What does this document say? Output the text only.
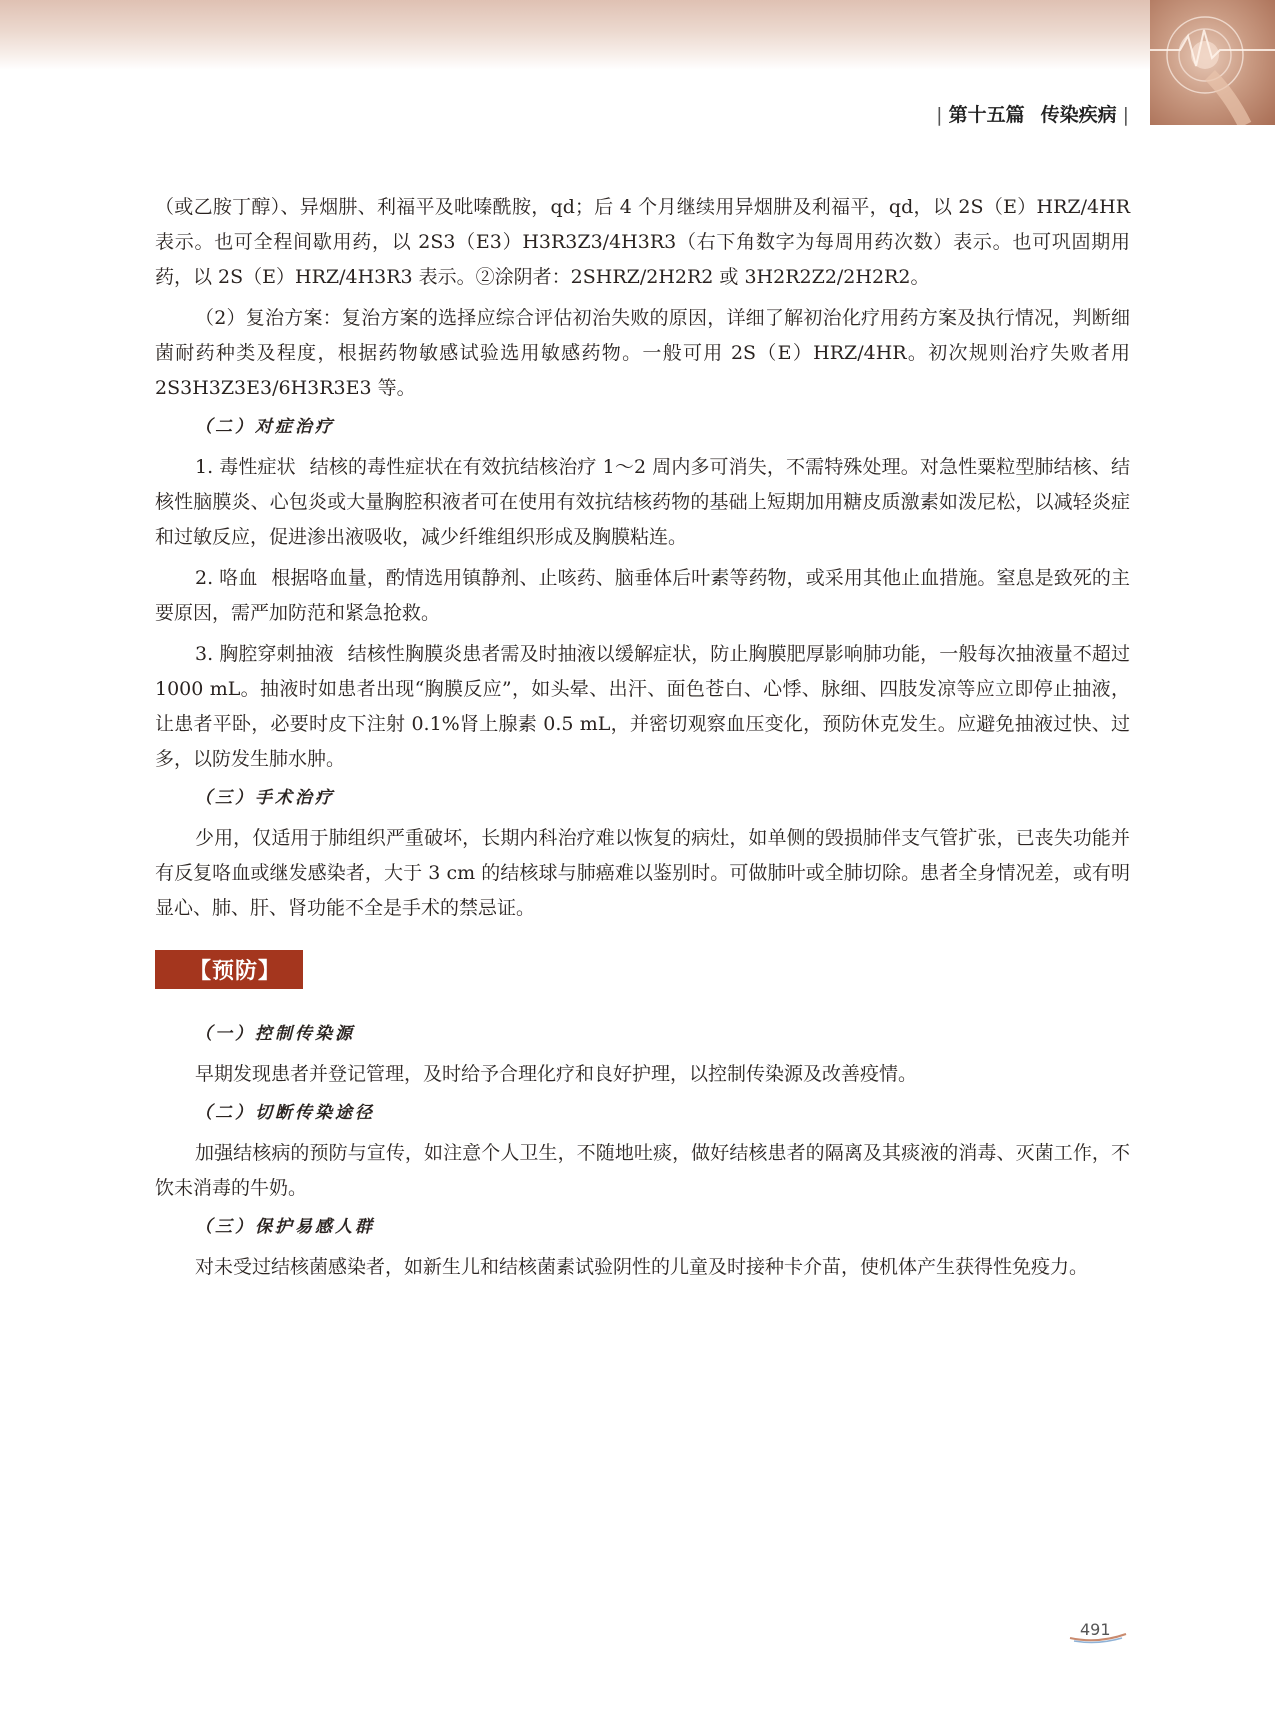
| 第十五篇 传染疾病 |

（或乙胺丁醇）、异烟肼、利福平及吡嗪酰胺，qd；后 4 个月继续用异烟肼及利福平，qd，以 2S（E）HRZ/4HR 表示。也可全程间歇用药，以 2S3（E3）H3R3Z3/4H3R3（右下角数字为每周用药次数）表示。也可巩固期用药，以 2S（E）HRZ/4H3R3 表示。②涂阴者：2SHRZ/2H2R2 或 3H2R2Z2/2H2R2。

（2）复治方案：复治方案的选择应综合评估初治失败的原因，详细了解初治化疗用药方案及执行情况，判断细菌耐药种类及程度，根据药物敏感试验选用敏感药物。一般可用 2S（E）HRZ/4HR。初次规则治疗失败者用 2S3H3Z3E3/6H3R3E3 等。

（二）对症治疗

1. 毒性症状 结核的毒性症状在有效抗结核治疗 1～2 周内多可消失，不需特殊处理。对急性粟粒型肺结核、结核性脑膜炎、心包炎或大量胸腔积液者可在使用有效抗结核药物的基础上短期加用糖皮质激素如泼尼松，以减轻炎症和过敏反应，促进渗出液吸收，减少纤维组织形成及胸膜粘连。

2. 咯血 根据咯血量，酌情选用镇静剂、止咳药、脑垂体后叶素等药物，或采用其他止血措施。窒息是致死的主要原因，需严加防范和紧急抢救。

3. 胸腔穿刺抽液 结核性胸膜炎患者需及时抽液以缓解症状，防止胸膜肥厚影响肺功能，一般每次抽液量不超过 1000 mL。抽液时如患者出现“胸膜反应”，如头晕、出汗、面色苍白、心悸、脉细、四肢发凉等应立即停止抽液，让患者平卧，必要时皮下注射 0.1%肾上腺素 0.5 mL，并密切观察血压变化，预防休克发生。应避免抽液过快、过多，以防发生肺水肿。

（三）手术治疗

少用，仅适用于肺组织严重破坏，长期内科治疗难以恢复的病灶，如单侧的毁损肺伴支气管扩张，已丧失功能并有反复咯血或继发感染者，大于 3 cm 的结核球与肺癌难以鉴别时。可做肺叶或全肺切除。患者全身情况差，或有明显心、肺、肝、肾功能不全是手术的禁忌证。

【预防】
（一）控制传染源

早期发现患者并登记管理，及时给予合理化疗和良好护理，以控制传染源及改善疫情。

（二）切断传染途径

加强结核病的预防与宣传，如注意个人卫生，不随地吐痰，做好结核患者的隔离及其痰液的消毒、灭菌工作，不饮未消毒的牛奶。

（三）保护易感人群

对未受过结核菌感染者，如新生儿和结核菌素试验阴性的儿童及时接种卡介苗，使机体产生获得性免疫力。

491
